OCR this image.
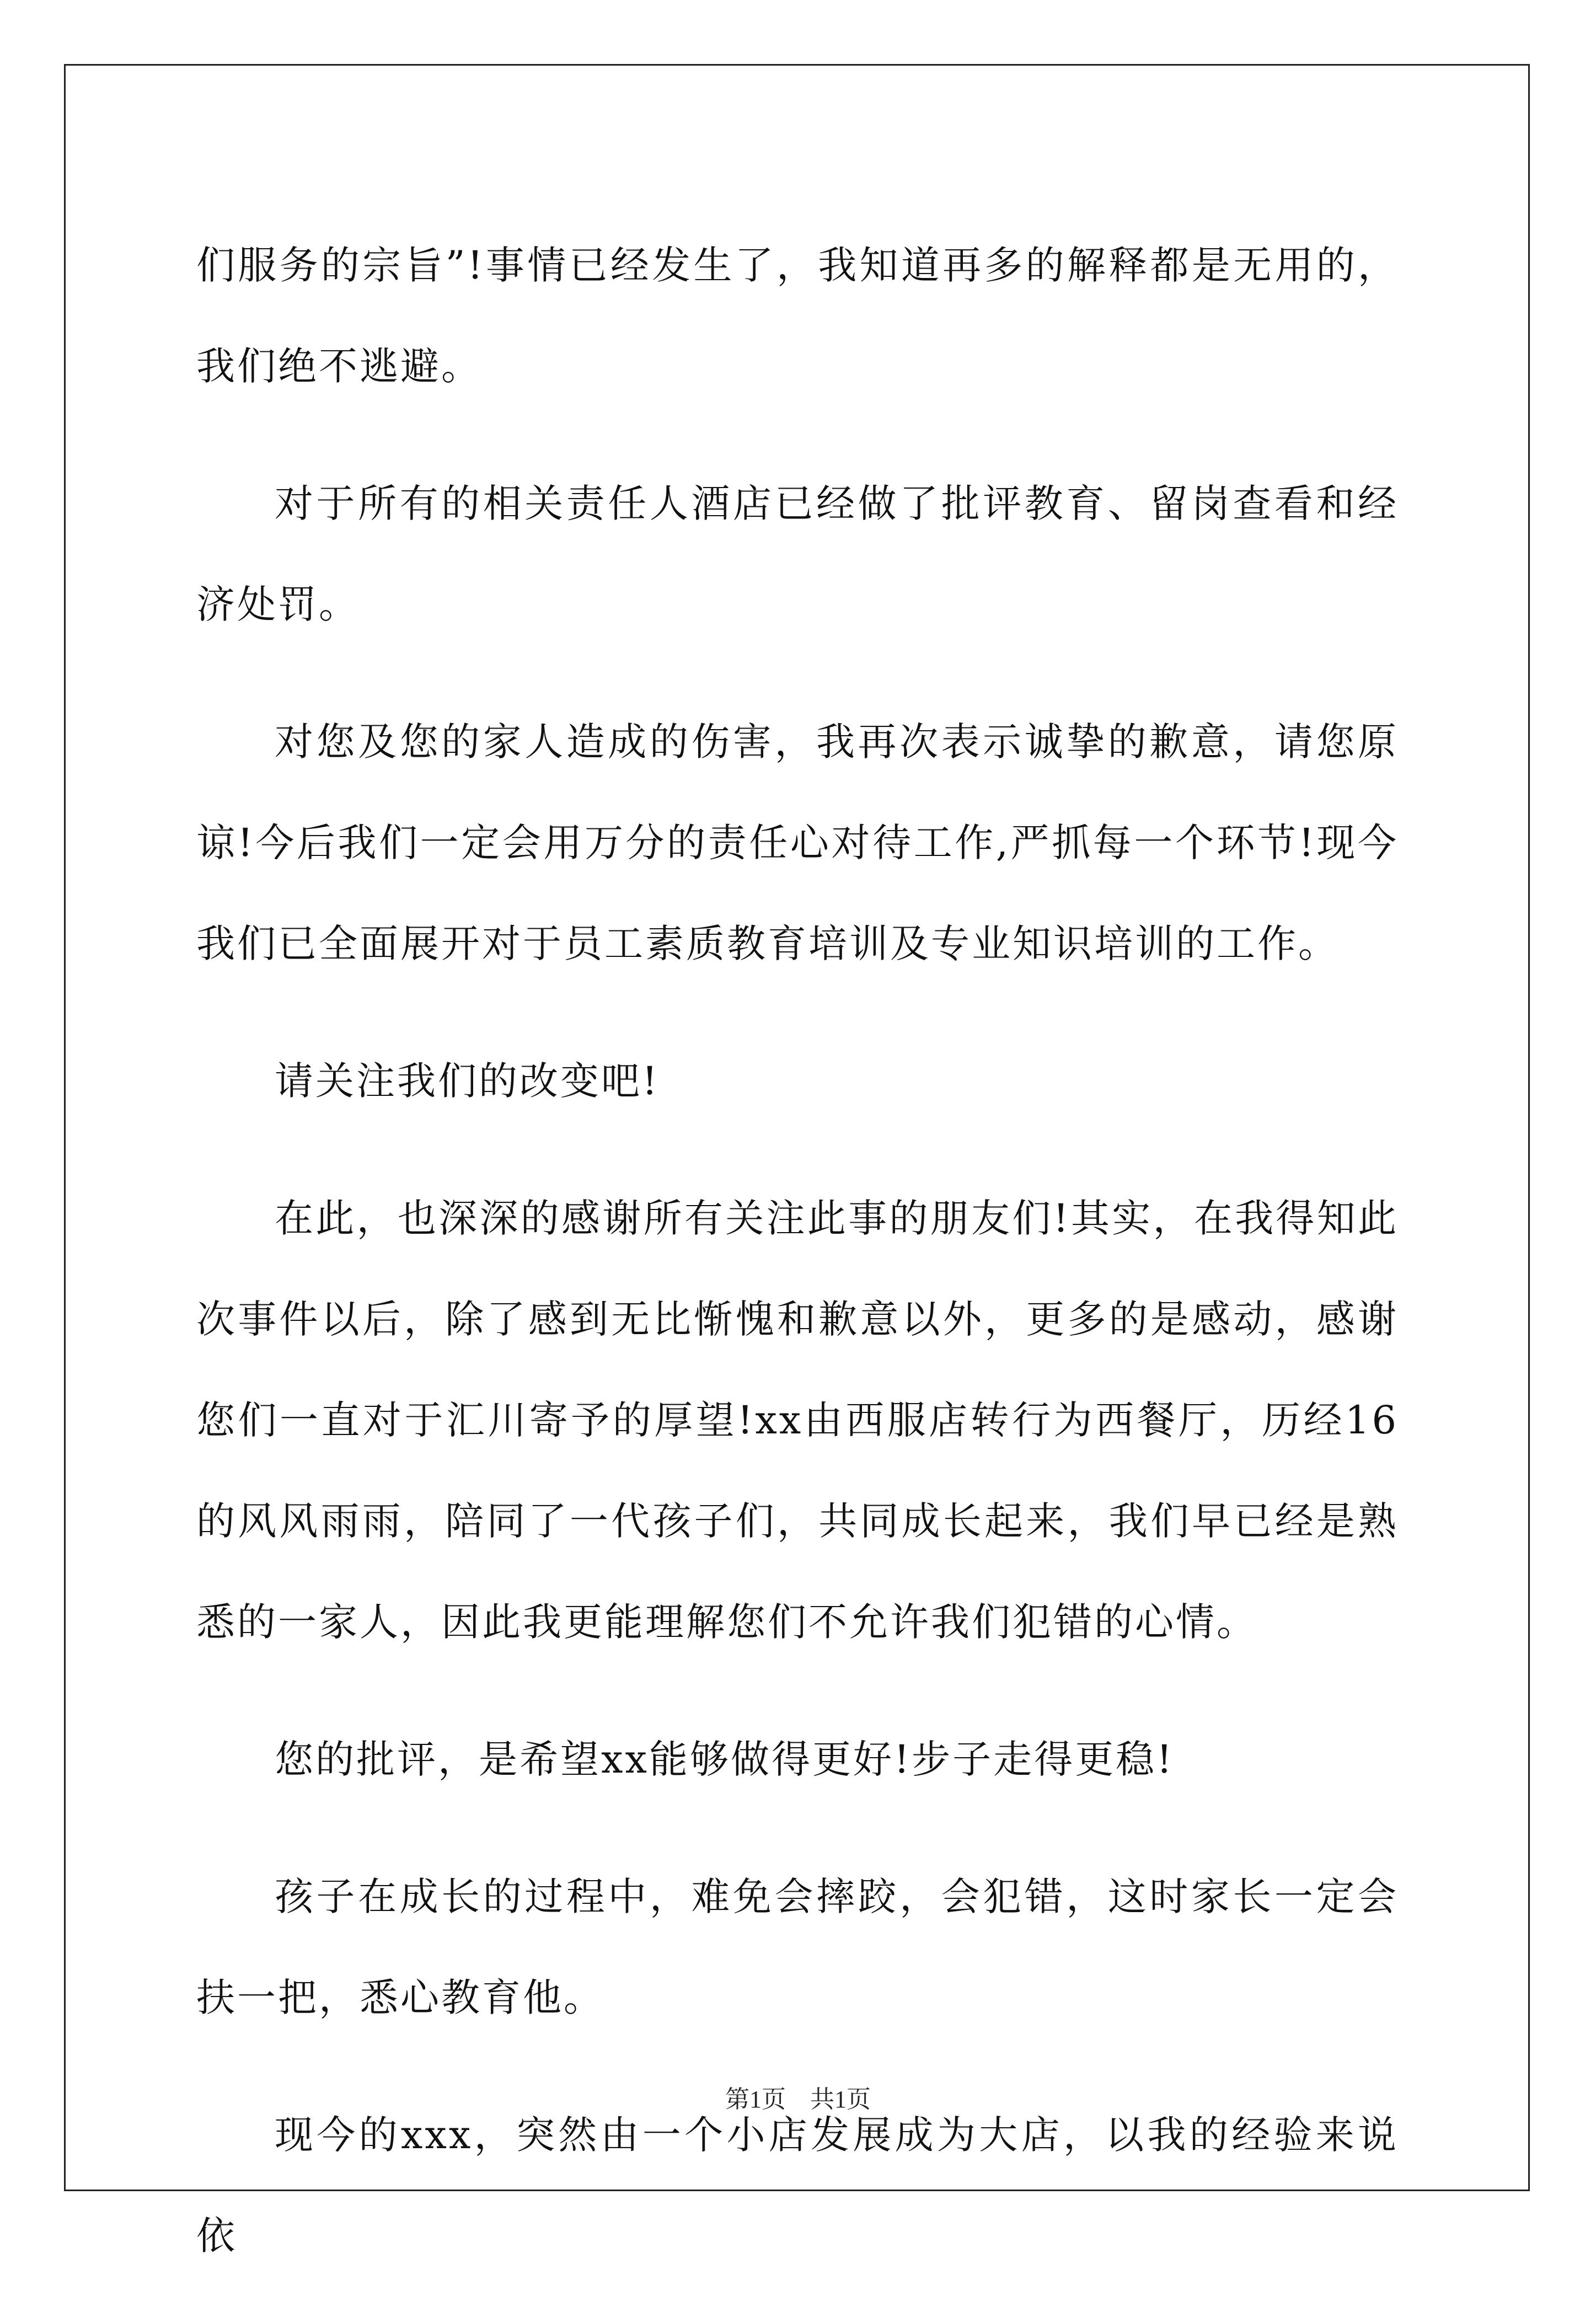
们服务的宗旨”!事情已经发生了，我知道再多的解释都是无用的，我们绝不逃避。

对于所有的相关责任人酒店已经做了批评教育、留岗查看和经济处罚。

对您及您的家人造成的伤害，我再次表示诚挚的歉意，请您原谅!今后我们一定会用万分的责任心对待工作,严抓每一个环节!现今我们已全面展开对于员工素质教育培训及专业知识培训的工作。

请关注我们的改变吧!

在此，也深深的感谢所有关注此事的朋友们!其实，在我得知此次事件以后，除了感到无比惭愧和歉意以外，更多的是感动，感谢您们一直对于汇川寄予的厚望!xx由西服店转行为西餐厅，历经16的风风雨雨，陪同了一代孩子们，共同成长起来，我们早已经是熟悉的一家人，因此我更能理解您们不允许我们犯错的心情。

您的批评，是希望xx能够做得更好!步子走得更稳!

孩子在成长的过程中，难免会摔跤，会犯错，这时家长一定会扶一把，悉心教育他。

现今的xxx，突然由一个小店发展成为大店，以我的经验来说依

第1页　共1页
